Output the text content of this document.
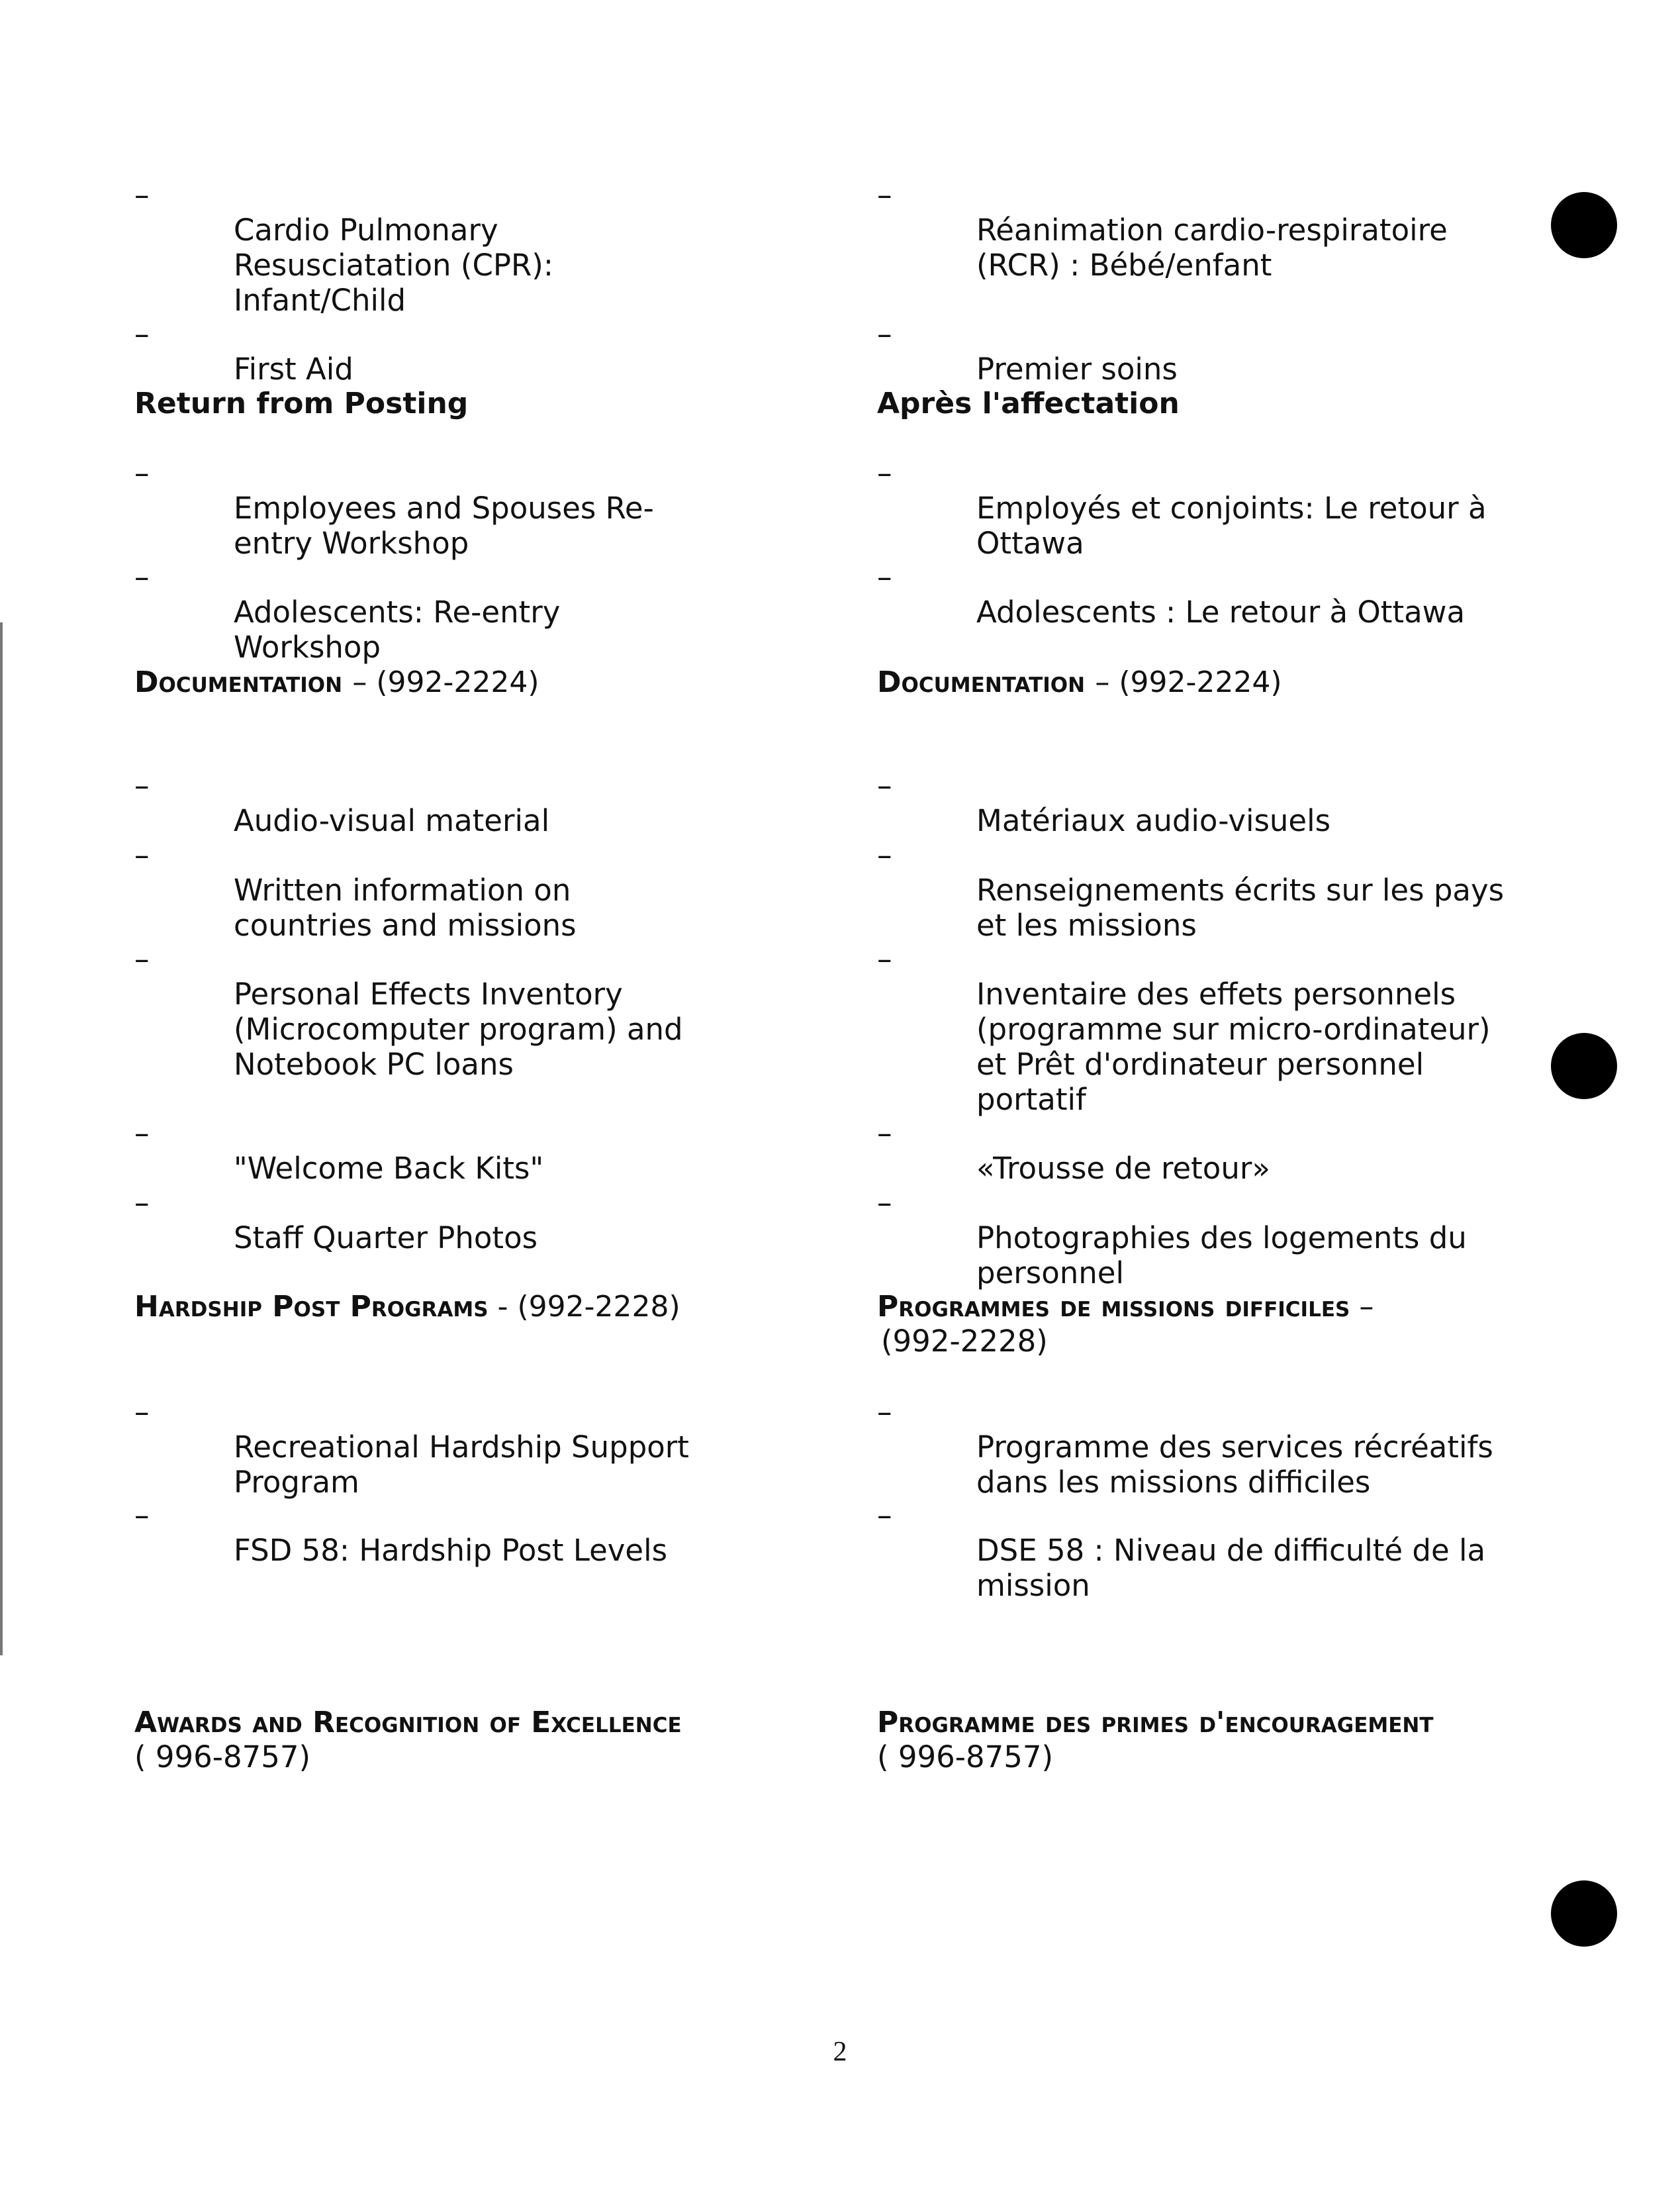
–
Cardio Pulmonary
Resusciatation (CPR):
Infant/Child

–
First Aid

Return from Posting

–
Employees and Spouses Re-
entry Workshop

–
Adolescents: Re-entry
Workshop

Documentation – (992-2224)

–
Audio-visual material

–
Written information on
countries and missions

–
Personal Effects Inventory
(Microcomputer program) and
Notebook PC loans

–
"Welcome Back Kits"

–
Staff Quarter Photos

Hardship Post Programs - (992-2228)

–
Recreational Hardship Support
Program

–
FSD 58: Hardship Post Levels

Awards and Recognition of Excellence
( 996-8757)

–
Réanimation cardio-respiratoire
(RCR) : Bébé/enfant

–
Premier soins

Après l'affectation

–
Employés et conjoints: Le retour à
Ottawa

–
Adolescents : Le retour à Ottawa

Documentation – (992-2224)

–
Matériaux audio-visuels

–
Renseignements écrits sur les pays
et les missions

–
Inventaire des effets personnels
(programme sur micro-ordinateur)
et Prêt d'ordinateur personnel
portatif

–
«Trousse de retour»

–
Photographies des logements du
personnel

Programmes de missions difficiles –
(992-2228)

–
Programme des services récréatifs
dans les missions difficiles

–
DSE 58 : Niveau de difficulté de la
mission

Programme des primes d'encouragement
( 996-8757)
2
